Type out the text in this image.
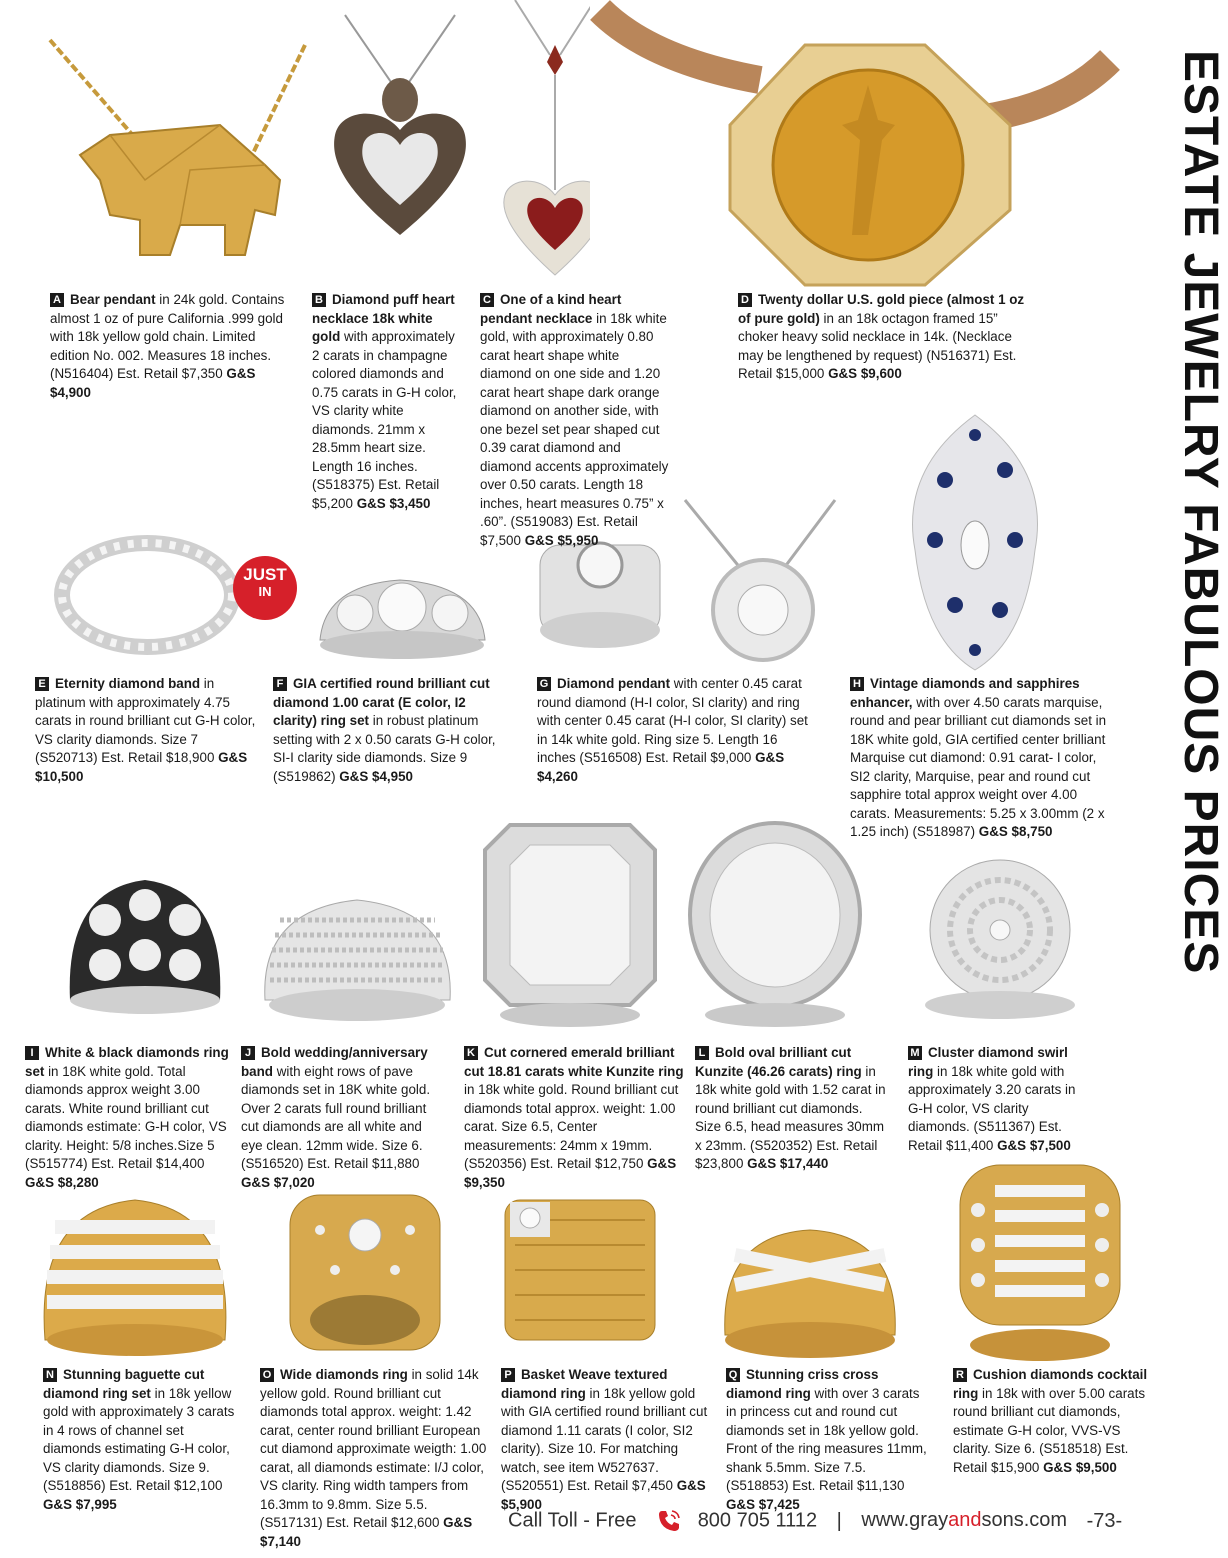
ESTATE JEWELRY FABULOUS PRICES
JUST
IN

A Bear pendant in 24k gold. Contains almost 1 oz of pure California .999 gold with 18k yellow gold chain. Limited edition No. 002. Measures 18 inches. (N516404) Est. Retail $7,350 G&S $4,900

B Diamond puff heart necklace 18k white gold with approximately 2 carats in champagne colored diamonds and 0.75 carats in G-H color, VS clarity white diamonds. 21mm x 28.5mm heart size. Length 16 inches. (S518375) Est. Retail $5,200 G&S $3,450

C One of a kind heart pendant necklace in 18k white gold, with approximately 0.80 carat heart shape white diamond on one side and 1.20 carat heart shape dark orange diamond on another side, with one bezel set pear shaped cut 0.39 carat diamond and diamond accents approximately over 0.50 carats. Length 18 inches, heart measures 0.75” x .60”. (S519083) Est. Retail $7,500 G&S $5,950

D Twenty dollar U.S. gold piece (almost 1 oz of pure gold) in an 18k octagon framed 15” choker heavy solid necklace in 14k. (Necklace may be lengthened by request) (N516371) Est. Retail $15,000 G&S $9,600

E Eternity diamond band in platinum with approximately 4.75 carats in round brilliant cut G-H color, VS clarity diamonds. Size 7 (S520713) Est. Retail $18,900 G&S $10,500

F GIA certified round brilliant cut diamond 1.00 carat (E color, I2 clarity) ring set in robust platinum setting with 2 x 0.50 carats G-H color, SI-I clarity side diamonds. Size 9 (S519862) G&S $4,950

G Diamond pendant with center 0.45 carat round diamond (H-I color, SI clarity) and ring with center 0.45 carat (H-I color, SI clarity) set in 14k white gold. Ring size 5. Length 16 inches (S516508) Est. Retail $9,000 G&S $4,260

H Vintage diamonds and sapphires enhancer, with over 4.50 carats marquise, round and pear brilliant cut diamonds set in 18K white gold, GIA certified center brilliant Marquise cut diamond: 0.91 carat- I color, SI2 clarity, Marquise, pear and round cut sapphire total approx weight over 4.00 carats. Measurements: 5.25 x 3.00mm (2 x 1.25 inch) (S518987) G&S $8,750

I White & black diamonds ring set in 18K white gold. Total diamonds approx weight 3.00 carats. White round brilliant cut diamonds estimate: G-H color, VS clarity. Height: 5/8 inches.Size 5 (S515774) Est. Retail $14,400 G&S $8,280

J Bold wedding/anniversary band with eight rows of pave diamonds set in 18K white gold. Over 2 carats full round brilliant cut diamonds are all white and eye clean. 12mm wide. Size 6. (S516520) Est. Retail $11,880 G&S $7,020

K Cut cornered emerald brilliant cut 18.81 carats white Kunzite ring in 18k white gold. Round brilliant cut diamonds total approx. weight: 1.00 carat. Size 6.5, Center measurements: 24mm x 19mm. (S520356) Est. Retail $12,750 G&S $9,350

L Bold oval brilliant cut Kunzite (46.26 carats) ring in 18k white gold with 1.52 carat in round brilliant cut diamonds. Size 6.5, head measures 30mm x 23mm. (S520352) Est. Retail $23,800 G&S $17,440

M Cluster diamond swirl ring in 18k white gold with approximately 3.20 carats in G-H color, VS clarity diamonds. (S511367) Est. Retail $11,400 G&S $7,500

N Stunning baguette cut diamond ring set in 18k yellow gold with approximately 3 carats in 4 rows of channel set diamonds estimating G-H color, VS clarity diamonds. Size 9. (S518856) Est. Retail $12,100 G&S $7,995

O Wide diamonds ring in solid 14k yellow gold. Round brilliant cut diamonds total approx. weight: 1.42 carat, center round brilliant European cut diamond approximate weigth: 1.00 carat, all diamonds estimate: I/J color, VS clarity. Ring width tampers from 16.3mm to 9.8mm. Size 5.5. (S517131) Est. Retail $12,600 G&S $7,140

P Basket Weave textured diamond ring in 18k yellow gold with GIA certified round brilliant cut diamond 1.11 carats (I color, SI2 clarity). Size 10. For matching watch, see item W527637. (S520551) Est. Retail $7,450 G&S $5,900

Q Stunning criss cross diamond ring with over 3 carats in princess cut and round cut diamonds set in 18k yellow gold. Front of the ring measures 11mm, shank 5.5mm. Size 7.5. (S518853) Est. Retail $11,130 G&S $7,425

R Cushion diamonds cocktail ring in 18k with over 5.00 carats round brilliant cut diamonds, estimate G-H color, VVS-VS clarity. Size 6. (S518518) Est. Retail $15,900 G&S $9,500

Call Toll - Free	800 705 1112 | www.grayandsons.com -73-
